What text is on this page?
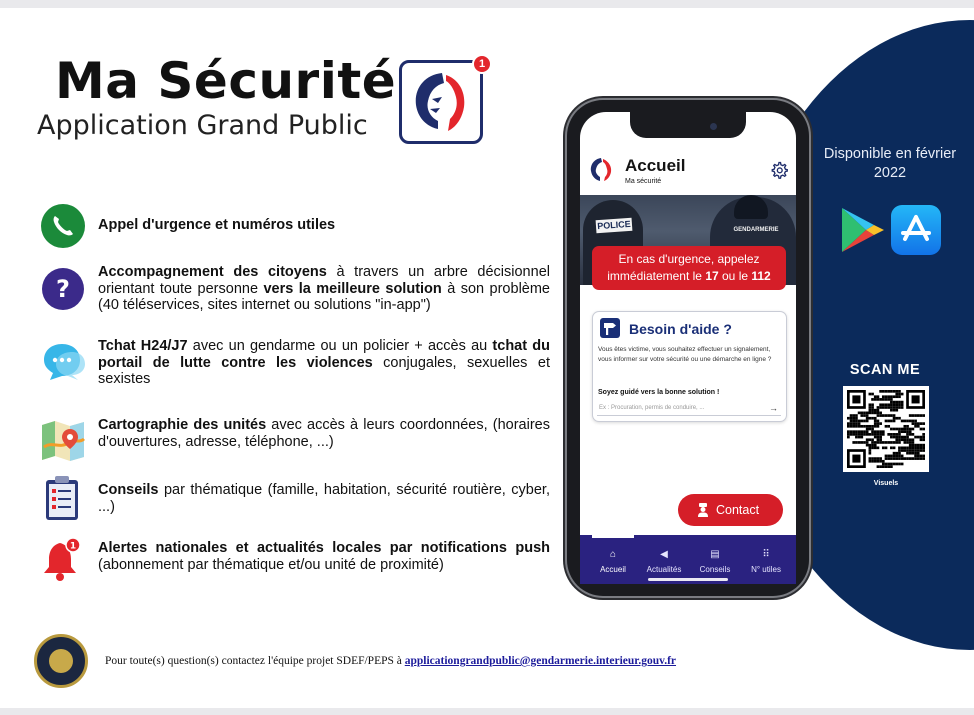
Ma Sécurité
Application Grand Public
1
Appel d'urgence et numéros utiles
?
Accompagnement des citoyens à travers un arbre décisionnel orientant toute personne vers la meilleure solution à son problème (40 téléservices, sites internet ou solutions "in-app")
Tchat H24/J7 avec un gendarme ou un policier + accès au tchat du portail de lutte contre les violences conjugales, sexuelles et sexistes
Cartographie des unités avec accès à leurs coordonnées, (horaires d'ouvertures, adresse, téléphone, ...)
Conseils par thématique (famille, habitation, sécurité routière, cyber, ...)
1 Alertes nationales et actualités locales par notifications push (abonnement par thématique et/ou unité de proximité)
Pour toute(s) question(s) contactez l'équipe projet SDEF/PEPS à applicationgrandpublic@gendarmerie.interieur.gouv.fr
Disponible en février 2022
SCAN ME
Visuels
Accueil
Ma sécurité
POLICE	GENDARMERIE
En cas d'urgence, appelez immédiatement le 17 ou le 112
Besoin d'aide ?
Vous êtes victime, vous souhaitez effectuer un signalement, vous informer sur votre sécurité ou une démarche en ligne ?
Soyez guidé vers la bonne solution !
Ex : Procuration, permis de conduire, ...	→
Contact
⌂
Accueil
◀
Actualités
▤
Conseils
⠿
N° utiles
